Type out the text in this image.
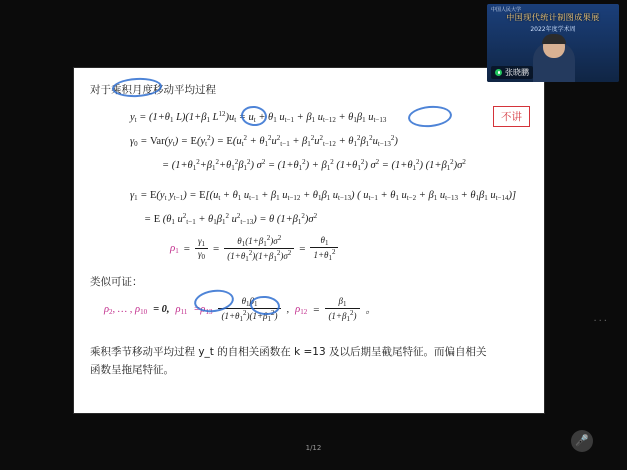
对于乘积月度移动平均过程
不讲
$y_t = (1+\theta_1$ $L)(1+\beta_1$ $L^{12})u_t = u_t + \theta_1$ $u_{t-1} + \beta_1$ $u_{t-12} + \theta_1\beta_1$ $u_{t-13}$
$\gamma_0 = Var(y_t) = E(y_t^2) = E(u_t^2 + \theta_1^2u^2_{t-1} + \beta_1^2u^2_{t-12} + \theta_1^2\beta_1^2u_{t-13}^2)$
= $(1+\theta_1^2+\beta_1^2+\theta_1^2\beta_1^2) \sigma^2 = (1+\theta_1^2) + \beta_1^2$ $(1+\theta_1^2) \sigma^2 = (1+\theta_1^2)$ $(1+\beta_1^2)\sigma^2$
$\gamma_1 = E(y_t$ $y_{t-1}) = E[(u_t + \theta_1$ $u_{t-1} + \beta_1$ $u_{t-12} + \theta_1\beta_1$ $u_{t-13}$) ( $u_{t-1} + \theta_1$ $u_{t-2} + \beta_1$ $u_{t-13} + \theta_1\beta_1$ $u_{t-14}$)]
= E ($\theta_1$ $u^2_{t-1} + \theta_1\beta_1^2$ $u^2_{t-13}) = \theta$ $(1+\beta_1^2)\sigma^2$
$\rho_1 = \frac{\gamma_1}{\gamma_0} = \frac{\theta_1(1+\beta_1^2)\sigma^2}{(1+\theta_1^2)(1+\beta_1^2)\sigma^2} = \frac{\theta_1}{1+\theta_1^2}$
类似可证：
$\rho_2$, … , $\rho_{10} = 0$, $\rho_{11} =\rho_{13} \frac{\theta_1\beta_1}{(1+\theta_1^2)(1+\beta_1^2)}$ , $\rho_{12} = \frac{\beta_1}{(1+\beta_1^2)}$ 。
乘积季节移动平均过程 y_t 的自相关函数在 k =13 及以后期呈截尾特征。而偏自相关
函数呈拖尾特征。
中国人民大学
2022年度学术周
中国现代统计制图成果展
张晓鹏
...
1/12
🎤
